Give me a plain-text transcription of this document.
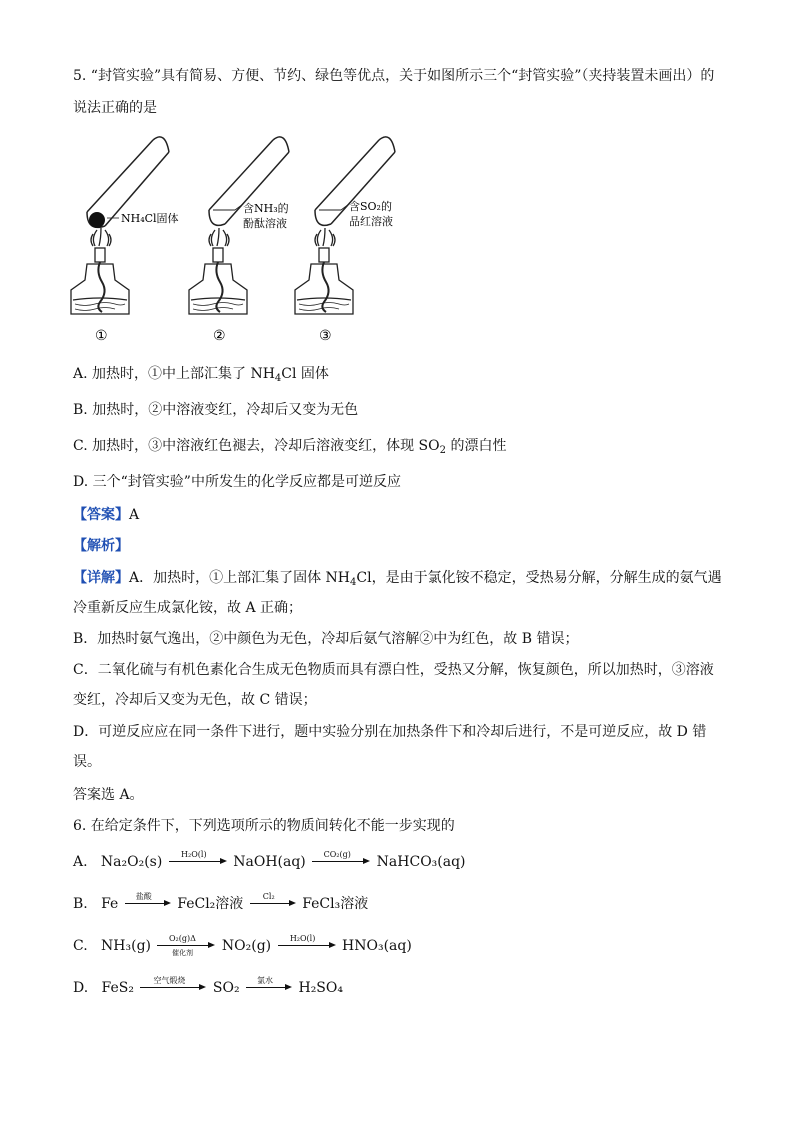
5. “封管实验”具有简易、方便、节约、绿色等优点，关于如图所示三个“封管实验”（夹持装置未画出）的
说法正确的是
NH₄Cl固体
含NH₃的
酚酞溶液
含SO₂的
品红溶液
①	②	③
A. 加热时，①中上部汇集了 $NH_4Cl$ 固体
B. 加热时，②中溶液变红，冷却后又变为无色
C. 加热时，③中溶液红色褪去，冷却后溶液变红，体现 $SO_2$ 的漂白性
D. 三个“封管实验”中所发生的化学反应都是可逆反应
【答案】A
【解析】
【详解】A．加热时，①上部汇集了固体 $NH_4Cl$，是由于氯化铵不稳定，受热易分解，分解生成的氨气遇
冷重新反应生成氯化铵，故 A 正确；
B．加热时氨气逸出，②中颜色为无色，冷却后氨气溶解②中为红色，故 B 错误；
C．二氧化硫与有机色素化合生成无色物质而具有漂白性，受热又分解，恢复颜色，所以加热时，③溶液
变红，冷却后又变为无色，故 C 错误；
D．可逆反应应在同一条件下进行，题中实验分别在加热条件下和冷却后进行，不是可逆反应，故 D 错
误。
答案选 A。
6. 在给定条件下，下列选项所示的物质间转化不能一步实现的
A. Na₂O₂(s)	H₂O(l)	NaOH(aq)	CO₂(g)	NaHCO₃(aq)
B. Fe	盐酸	FeCl₂溶液	Cl₂	FeCl₃溶液
C. NH₃(g)	O₂(g)Δ
催化剂	NO₂(g)	H₂O(l)	HNO₃(aq)
D. FeS₂	空气煅烧	SO₂	氯水	H₂SO₄
